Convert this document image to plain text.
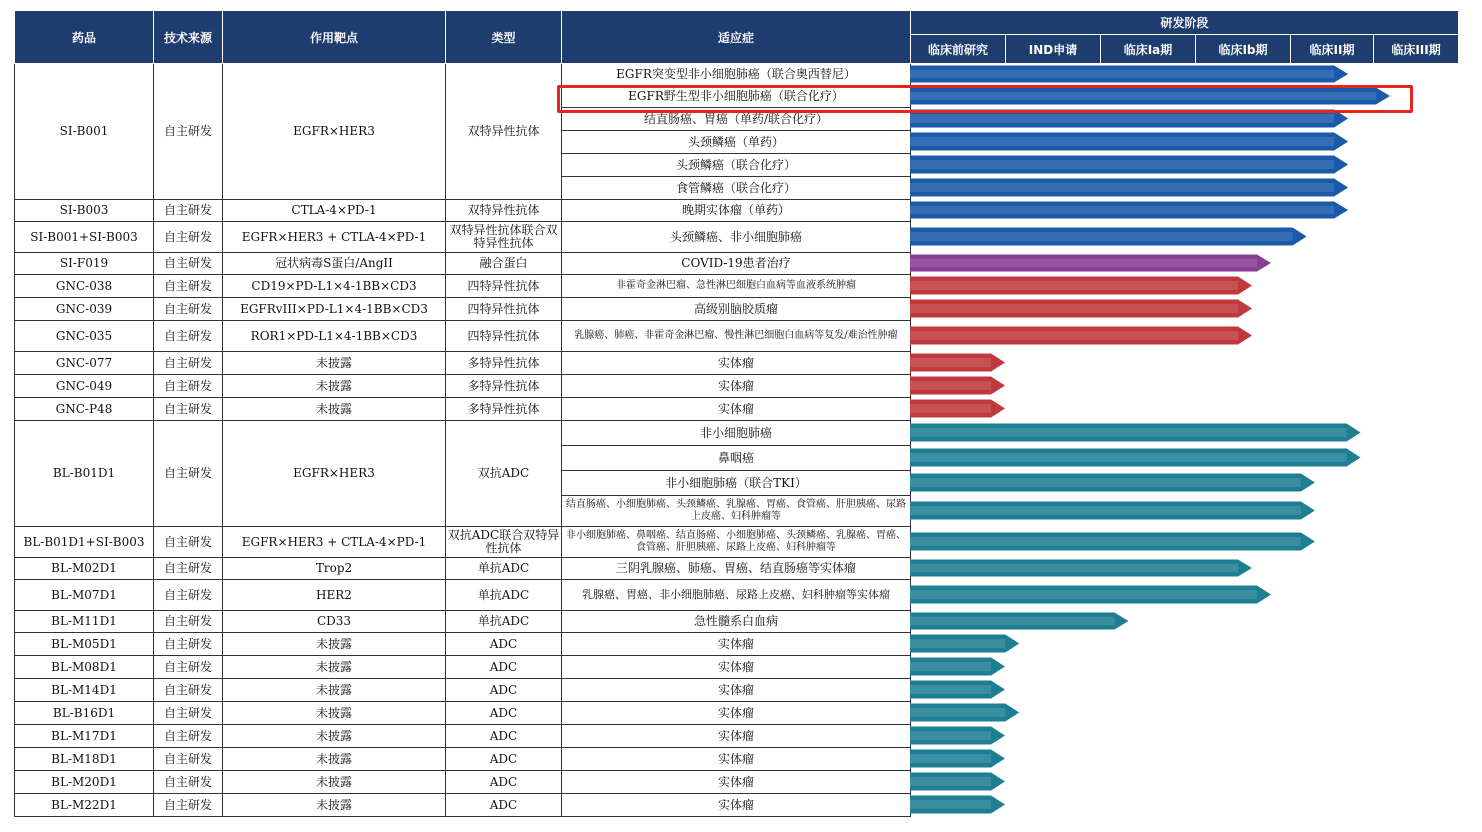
药品	技术来源	作用靶点	类型	适应症	研发阶段					
					临床前研究	IND申请	临床Ia期	临床Ib期	临床II期	临床III期
SI-B001	自主研发	EGFR×HER3	双特异性抗体	EGFR突变型非小细胞肺癌（联合奥西替尼）						
				EGFR野生型非小细胞肺癌（联合化疗）						
				结直肠癌、胃癌（单药/联合化疗）						
				头颈鳞癌（单药）						
				头颈鳞癌（联合化疗）						
				食管鳞癌（联合化疗）						
SI-B003	自主研发	CTLA-4×PD-1	双特异性抗体	晚期实体瘤（单药）						
SI-B001+SI-B003	自主研发	EGFR×HER3 + CTLA-4×PD-1	双特异性抗体联合双特异性抗体	头颈鳞癌、非小细胞肺癌						
SI-F019	自主研发	冠状病毒S蛋白/AngII	融合蛋白	COVID-19患者治疗						
GNC-038	自主研发	CD19×PD-L1×4-1BB×CD3	四特异性抗体	非霍奇金淋巴瘤、急性淋巴细胞白血病等血液系统肿瘤						
GNC-039	自主研发	EGFRvIII×PD-L1×4-1BB×CD3	四特异性抗体	高级别脑胶质瘤						
GNC-035	自主研发	ROR1×PD-L1×4-1BB×CD3	四特异性抗体	乳腺癌、肺癌、非霍奇金淋巴瘤、慢性淋巴细胞白血病等复发/难治性肿瘤						
GNC-077	自主研发	未披露	多特异性抗体	实体瘤						
GNC-049	自主研发	未披露	多特异性抗体	实体瘤						
GNC-P48	自主研发	未披露	多特异性抗体	实体瘤						
BL-B01D1	自主研发	EGFR×HER3	双抗ADC	非小细胞肺癌						
				鼻咽癌						
				非小细胞肺癌（联合TKI）						
				结直肠癌、小细胞肺癌、头颈鳞癌、乳腺癌、胃癌、食管癌、肝胆胰癌、尿路上皮癌、妇科肿瘤等						
BL-B01D1+SI-B003	自主研发	EGFR×HER3 + CTLA-4×PD-1	双抗ADC联合双特异性抗体	非小细胞肺癌、鼻咽癌、结直肠癌、小细胞肺癌、头颈鳞癌、乳腺癌、胃癌、食管癌、肝胆胰癌、尿路上皮癌、妇科肿瘤等						
BL-M02D1	自主研发	Trop2	单抗ADC	三阴乳腺癌、肺癌、胃癌、结直肠癌等实体瘤						
BL-M07D1	自主研发	HER2	单抗ADC	乳腺癌、胃癌、非小细胞肺癌、尿路上皮癌、妇科肿瘤等实体瘤						
BL-M11D1	自主研发	CD33	单抗ADC	急性髓系白血病						
BL-M05D1	自主研发	未披露	ADC	实体瘤						
BL-M08D1	自主研发	未披露	ADC	实体瘤						
BL-M14D1	自主研发	未披露	ADC	实体瘤						
BL-B16D1	自主研发	未披露	ADC	实体瘤						
BL-M17D1	自主研发	未披露	ADC	实体瘤						
BL-M18D1	自主研发	未披露	ADC	实体瘤						
BL-M20D1	自主研发	未披露	ADC	实体瘤						
BL-M22D1	自主研发	未披露	ADC	实体瘤						
